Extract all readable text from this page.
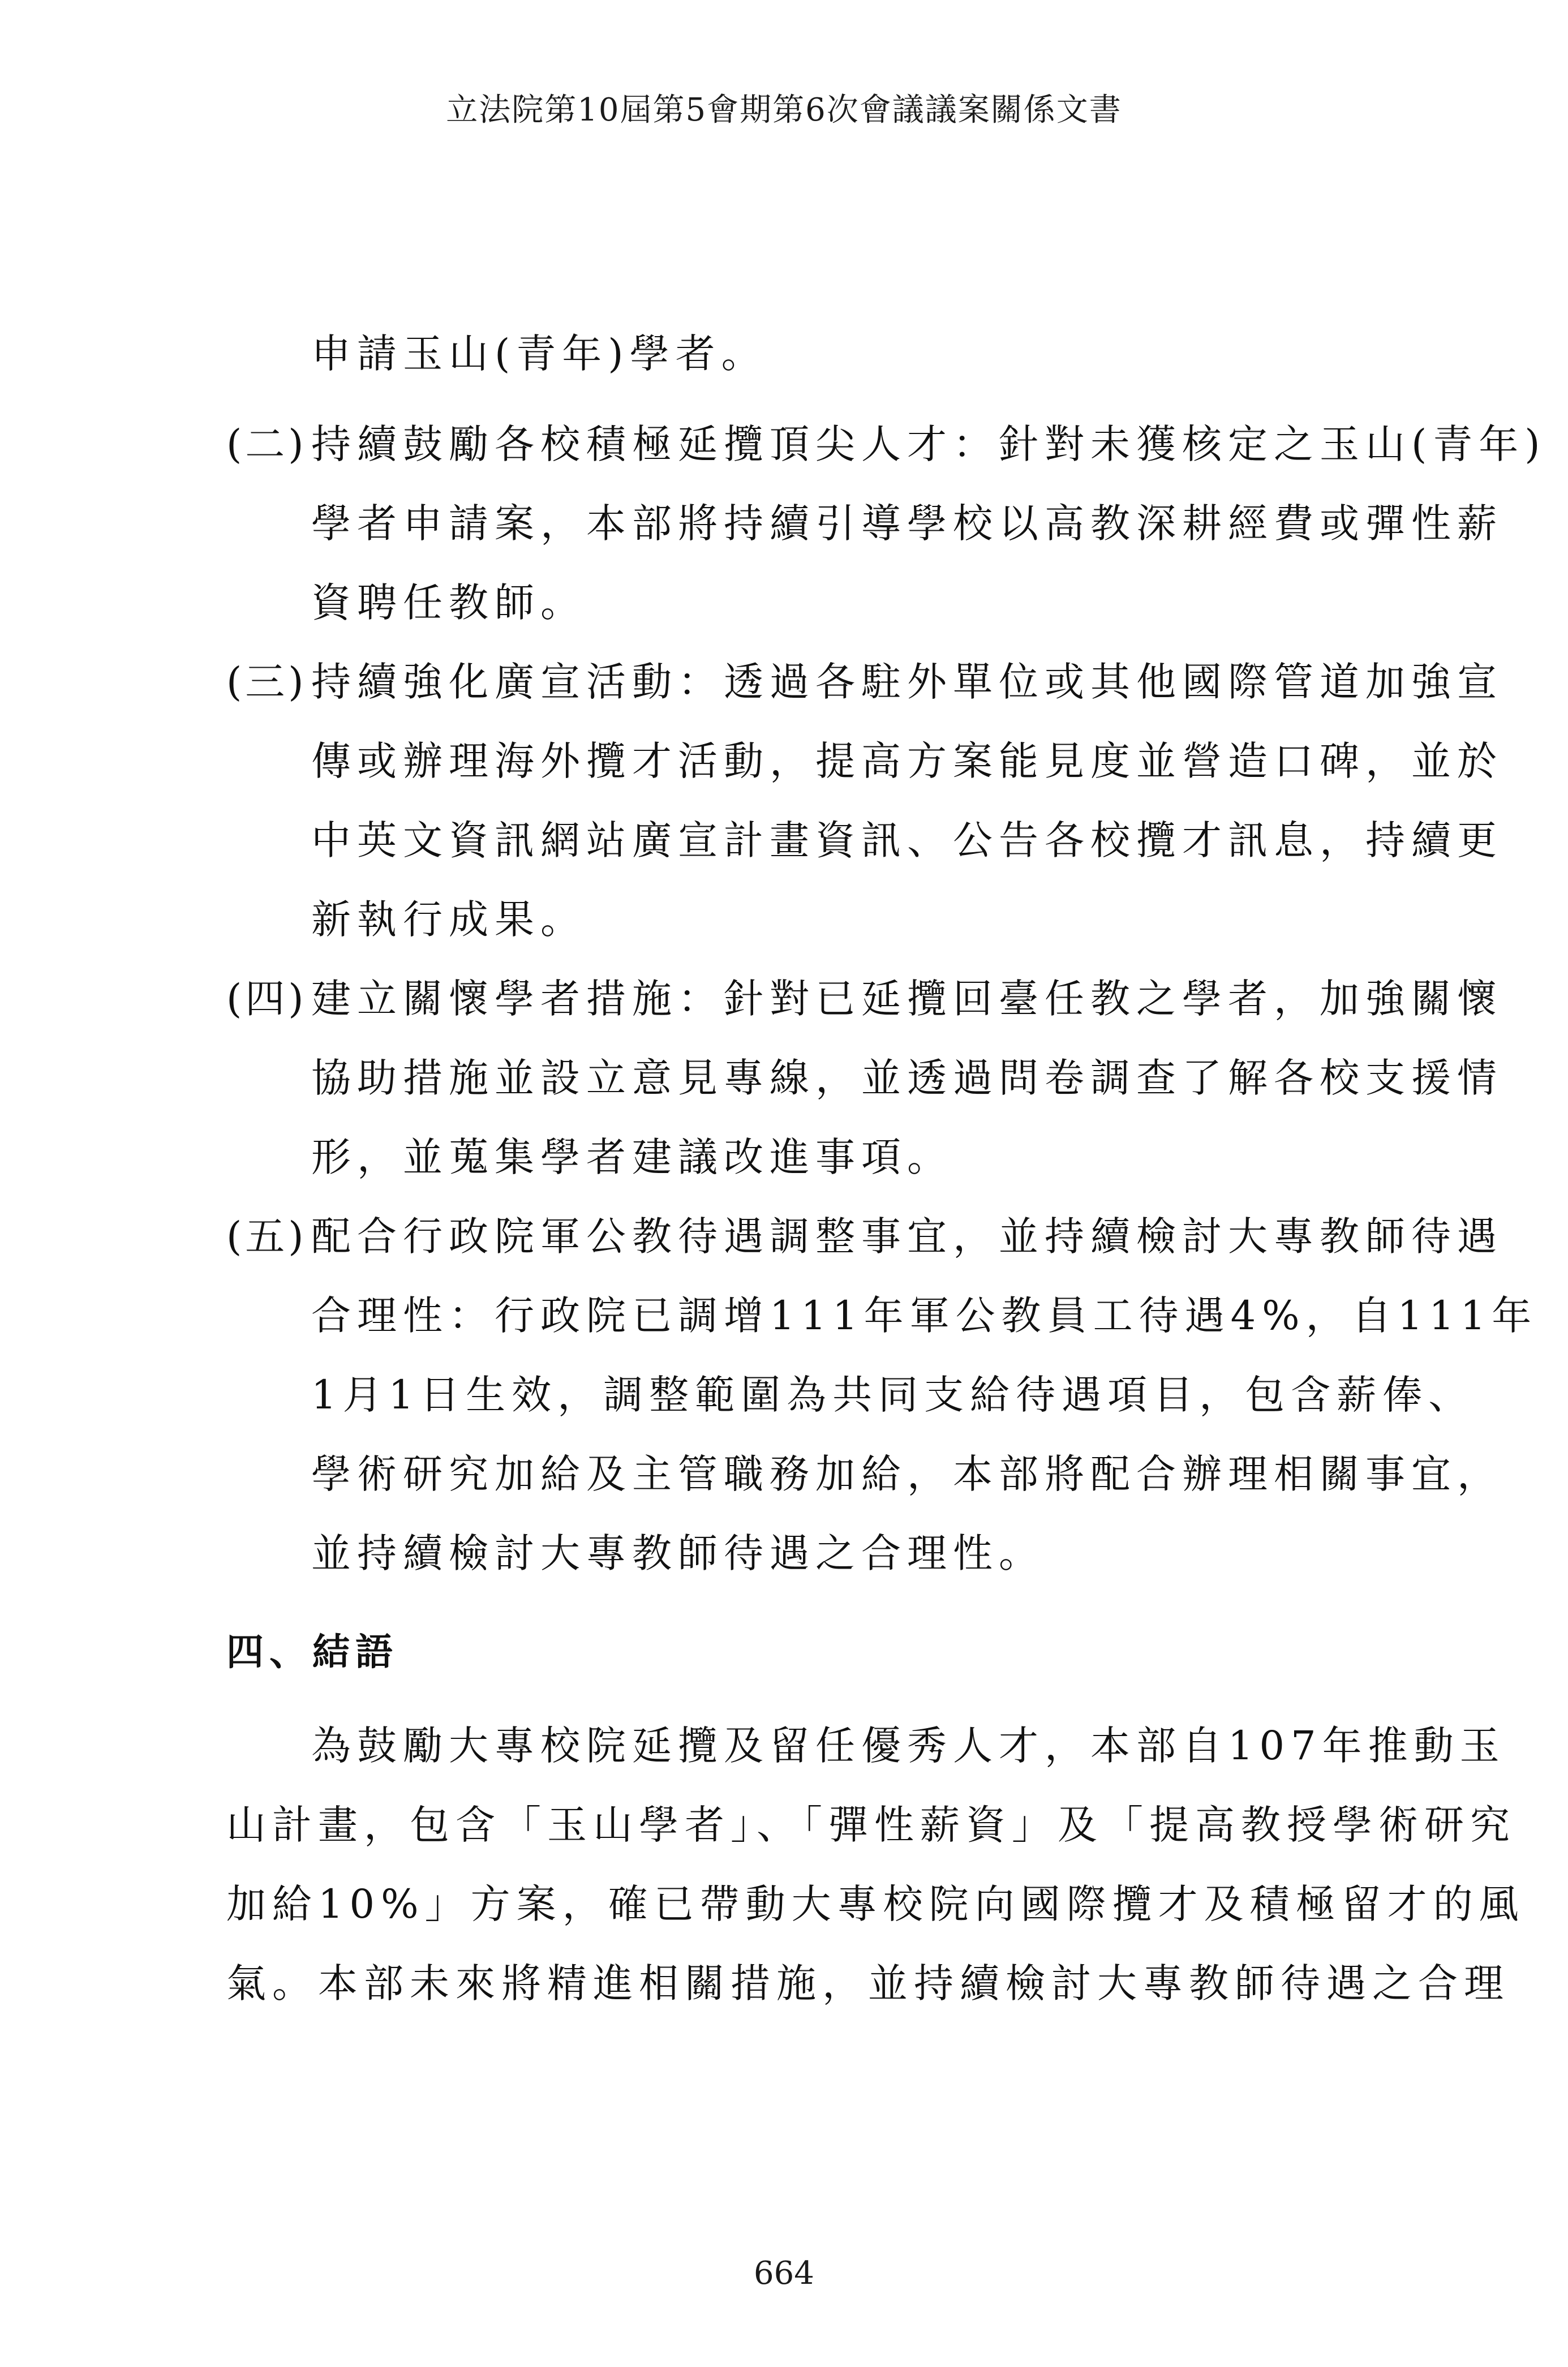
立法院第10屆第5會期第6次會議議案關係文書
申請玉山(青年)學者。
(二) 持續鼓勵各校積極延攬頂尖人才：針對未獲核定之玉山(青年)
學者申請案，本部將持續引導學校以高教深耕經費或彈性薪
資聘任教師。
(三) 持續強化廣宣活動：透過各駐外單位或其他國際管道加強宣
傳或辦理海外攬才活動，提高方案能見度並營造口碑，並於
中英文資訊網站廣宣計畫資訊、公告各校攬才訊息，持續更
新執行成果。
(四) 建立關懷學者措施：針對已延攬回臺任教之學者，加強關懷
協助措施並設立意見專線，並透過問卷調查了解各校支援情
形，並蒐集學者建議改進事項。
(五) 配合行政院軍公教待遇調整事宜，並持續檢討大專教師待遇
合理性：行政院已調增111年軍公教員工待遇4%，自111年
1月1日生效，調整範圍為共同支給待遇項目，包含薪俸、
學術研究加給及主管職務加給，本部將配合辦理相關事宜，
並持續檢討大專教師待遇之合理性。
四、結語
為鼓勵大專校院延攬及留任優秀人才，本部自107年推動玉
山計畫，包含「玉山學者」、「彈性薪資」及「提高教授學術研究
加給10%」方案，確已帶動大專校院向國際攬才及積極留才的風
氣。本部未來將精進相關措施，並持續檢討大專教師待遇之合理
664
